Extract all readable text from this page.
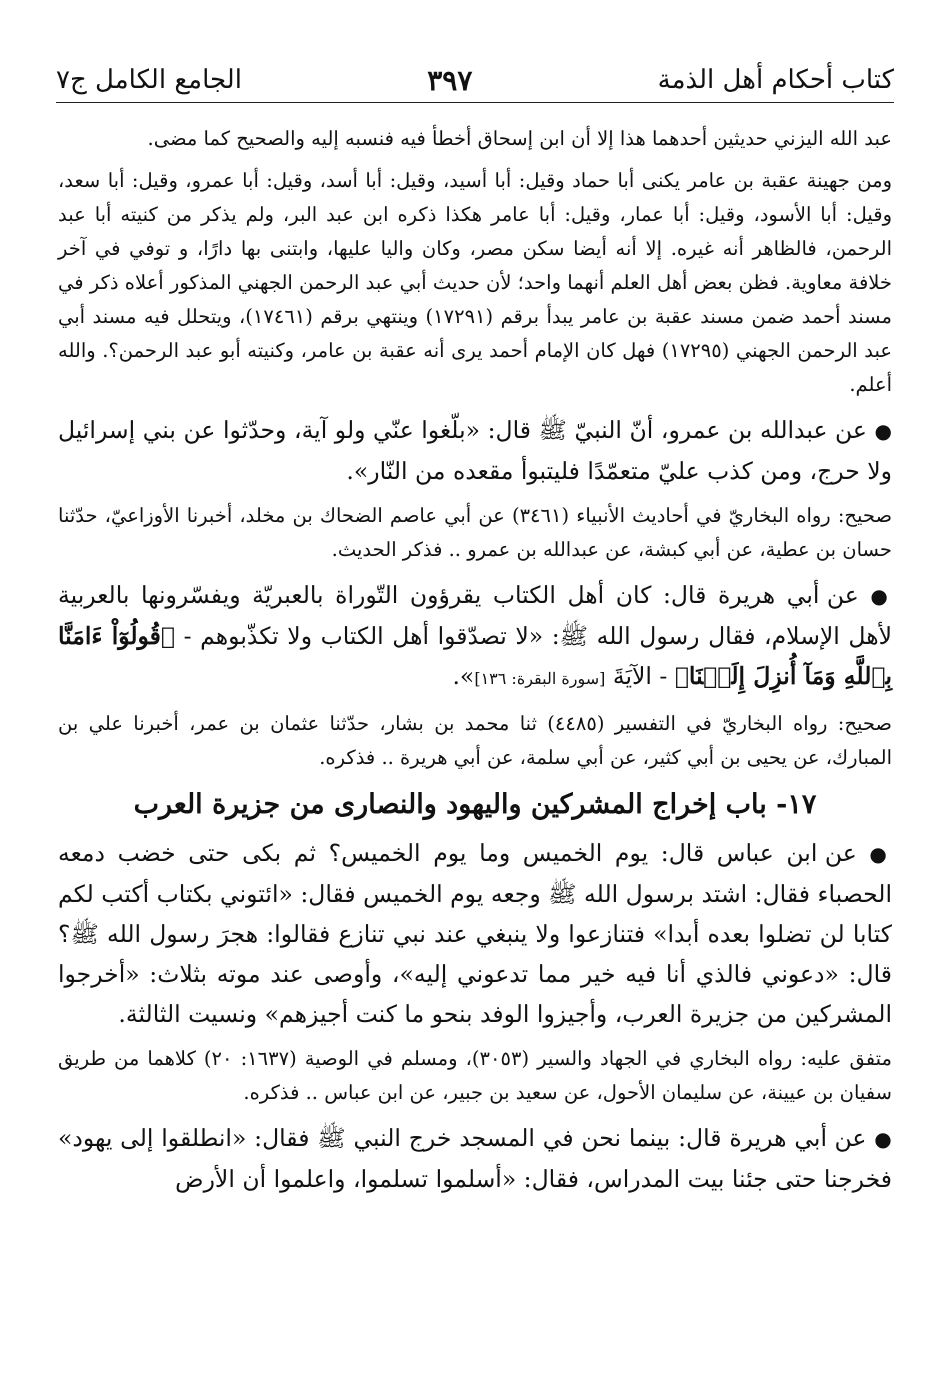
كتاب أحكام أهل الذمة
٣٩٧
الجامع الكامل ج٧

عبد الله اليزني حديثين أحدهما هذا إلا أن ابن إسحاق أخطأ فيه فنسبه إليه والصحيح كما مضى.

ومن جهينة عقبة بن عامر يكنى أبا حماد وقيل: أبا أسيد، وقيل: أبا أسد، وقيل: أبا عمرو، وقيل: أبا سعد، وقيل: أبا الأسود، وقيل: أبا عمار، وقيل: أبا عامر هكذا ذكره ابن عبد البر، ولم يذكر من كنيته أبا عبد الرحمن، فالظاهر أنه غيره. إلا أنه أيضا سكن مصر، وكان واليا عليها، وابتنى بها دارًا، و توفي في آخر خلافة معاوية. فظن بعض أهل العلم أنهما واحد؛ لأن حديث أبي عبد الرحمن الجهني المذكور أعلاه ذكر في مسند أحمد ضمن مسند عقبة بن عامر يبدأ برقم (١٧٢٩١) وينتهي برقم (١٧٤٦١)، ويتحلل فيه مسند أبي عبد الرحمن الجهني (١٧٢٩٥) فهل كان الإمام أحمد يرى أنه عقبة بن عامر، وكنيته أبو عبد الرحمن؟. والله أعلم.

● عن عبدالله بن عمرو، أنّ النبيّ ﷺ قال: «بلّغوا عنّي ولو آية، وحدّثوا عن بني إسرائيل ولا حرج، ومن كذب عليّ متعمّدًا فليتبوأ مقعده من النّار».

صحيح: رواه البخاريّ في أحاديث الأنبياء (٣٤٦١) عن أبي عاصم الضحاك بن مخلد، أخبرنا الأوزاعيّ، حدّثنا حسان بن عطية، عن أبي كبشة، عن عبدالله بن عمرو .. فذكر الحديث.

● عن أبي هريرة قال: كان أهل الكتاب يقرؤون التّوراة بالعبريّة ويفسّرونها بالعربية لأهل الإسلام، فقال رسول الله ﷺ: «لا تصدّقوا أهل الكتاب ولا تكذّبوهم - ﴿قُولُوٓاْ ءَامَنَّا بِٱللَّهِ وَمَآ أُنزِلَ إِلَيۡنَا﴾ - الآيَةَ [سورة البقرة: ١٣٦]».

صحيح: رواه البخاريّ في التفسير (٤٤٨٥) ثنا محمد بن بشار، حدّثنا عثمان بن عمر، أخبرنا علي بن المبارك، عن يحيى بن أبي كثير، عن أبي سلمة، عن أبي هريرة .. فذكره.

١٧- باب إخراج المشركين واليهود والنصارى من جزيرة العرب

● عن ابن عباس قال: يوم الخميس وما يوم الخميس؟ ثم بكى حتى خضب دمعه الحصباء فقال: اشتد برسول الله ﷺ وجعه يوم الخميس فقال: «ائتوني بكتاب أكتب لكم كتابا لن تضلوا بعده أبدا» فتنازعوا ولا ينبغي عند نبي تنازع فقالوا: هجرَ رسول الله ﷺ؟ قال: «دعوني فالذي أنا فيه خير مما تدعوني إليه»، وأوصى عند موته بثلاث: «أخرجوا المشركين من جزيرة العرب، وأجيزوا الوفد بنحو ما كنت أجيزهم» ونسيت الثالثة.

متفق عليه: رواه البخاري في الجهاد والسير (٣٠٥٣)، ومسلم في الوصية (١٦٣٧: ٢٠) كلاهما من طريق سفيان بن عيينة، عن سليمان الأحول، عن سعيد بن جبير، عن ابن عباس .. فذكره.

● عن أبي هريرة قال: بينما نحن في المسجد خرج النبي ﷺ فقال: «انطلقوا إلى يهود» فخرجنا حتى جئنا بيت المدراس، فقال: «أسلموا تسلموا، واعلموا أن الأرض
